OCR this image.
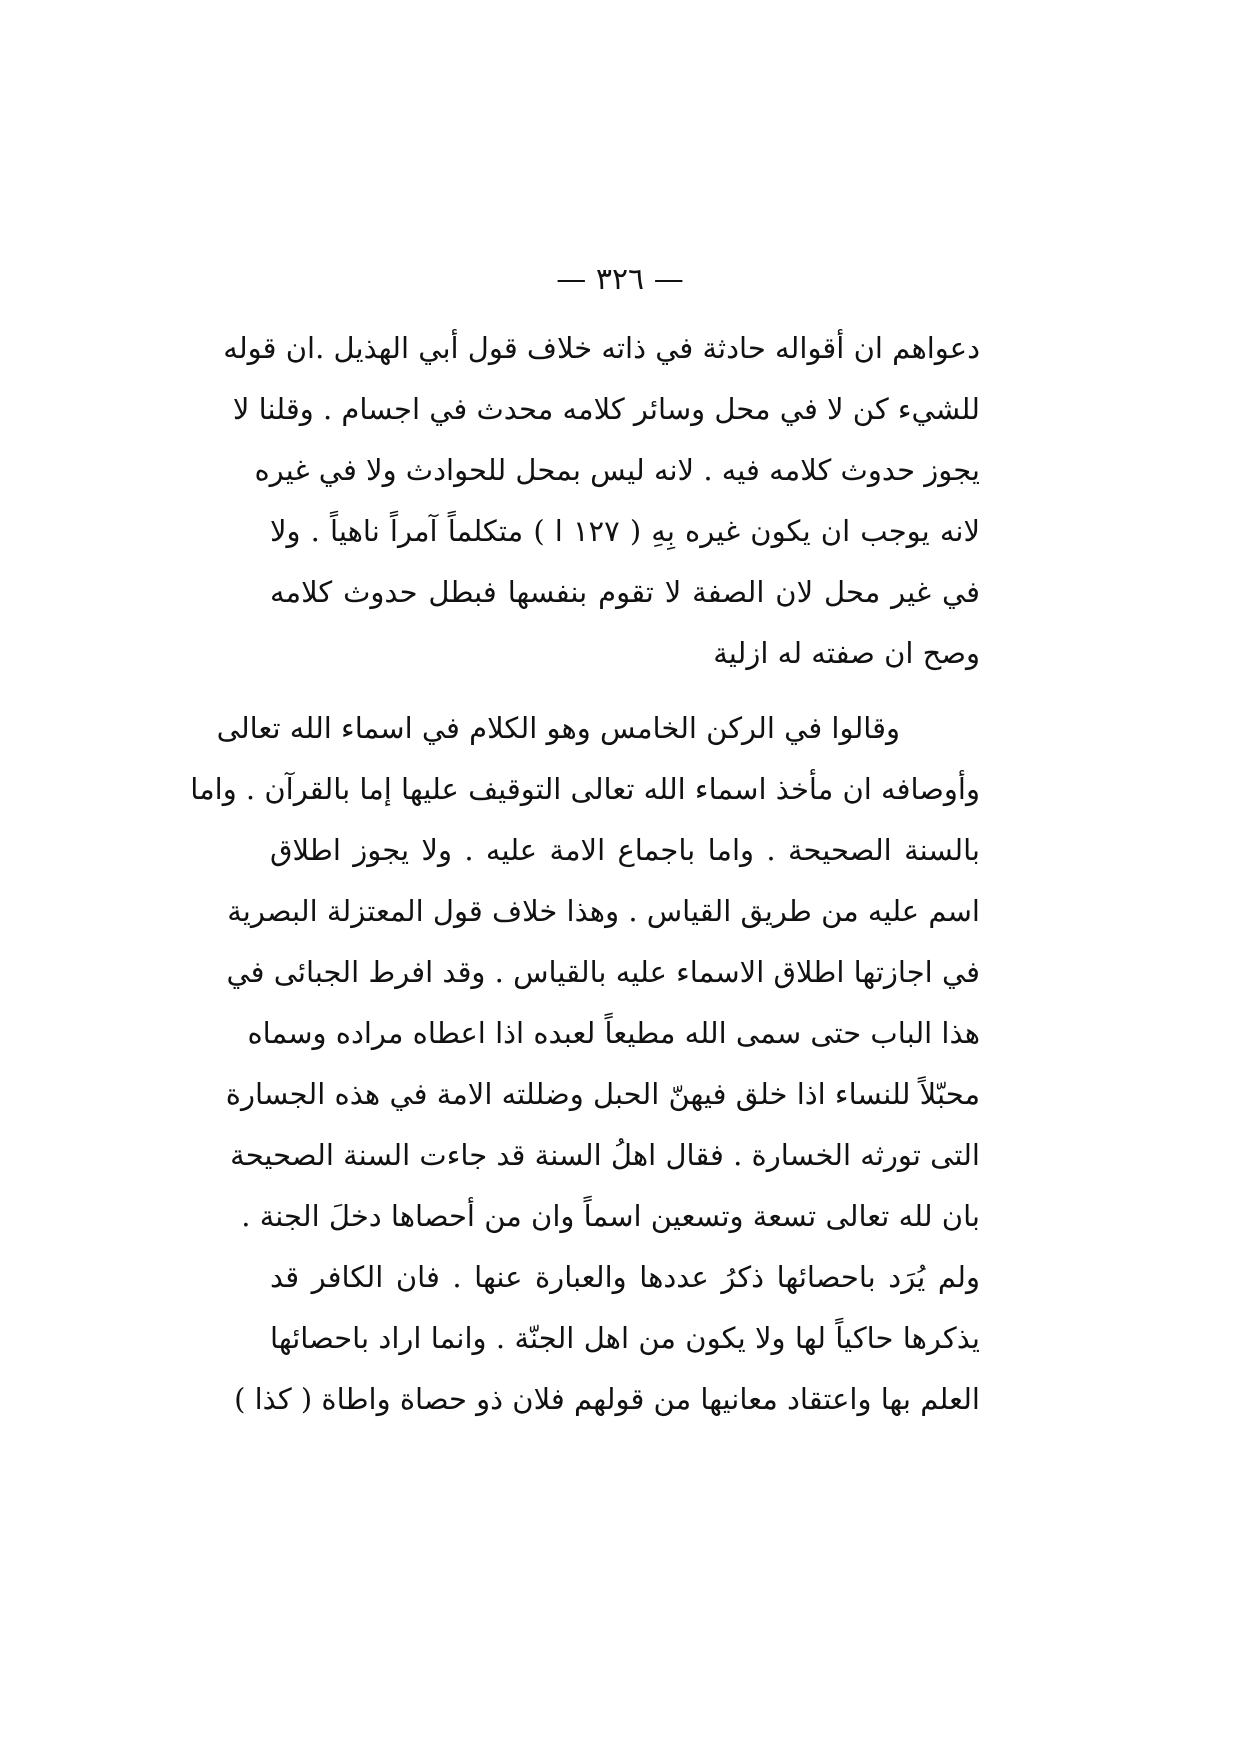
— ٣٢٦ —
دعواهم ان أقواله حادثة في ذاته خلاف قول أبي الهذيل .ان قوله
للشيء كن لا في محل وسائر كلامه محدث في اجسام . وقلنا لا
يجوز حدوث كلامه فيه . لانه ليس بمحل للحوادث ولا في غيره
لانه يوجب ان يكون غيره بِهِ ( ١٢٧ ا ) متكلماً آمراً ناهياً . ولا
في غير محل لان الصفة لا تقوم بنفسها فبطل حدوث كلامه
وصح ان صفته له ازلية
وقالوا في الركن الخامس وهو الكلام في اسماء الله تعالى
وأوصافه ان مأخذ اسماء الله تعالى التوقيف عليها إما بالقرآن . واما
بالسنة الصحيحة . واما باجماع الامة عليه . ولا يجوز اطلاق
اسم عليه من طريق القياس . وهذا خلاف قول المعتزلة البصرية
في اجازتها اطلاق الاسماء عليه بالقياس . وقد افرط الجبائى في
هذا الباب حتى سمى الله مطيعاً لعبده اذا اعطاه مراده وسماه
محبّلاً للنساء اذا خلق فيهنّ الحبل وضللته الامة في هذه الجسارة
التى تورثه الخسارة . فقال اهلُ السنة قد جاءت السنة الصحيحة
بان لله تعالى تسعة وتسعين اسماً وان من أحصاها دخلَ الجنة .
ولم يُرَد باحصائها ذكرُ عددها والعبارة عنها . فان الكافر قد
يذكرها حاكياً لها ولا يكون من اهل الجنّة . وانما اراد باحصائها
العلم بها واعتقاد معانيها من قولهم فلان ذو حصاة واطاة ( كذا )
